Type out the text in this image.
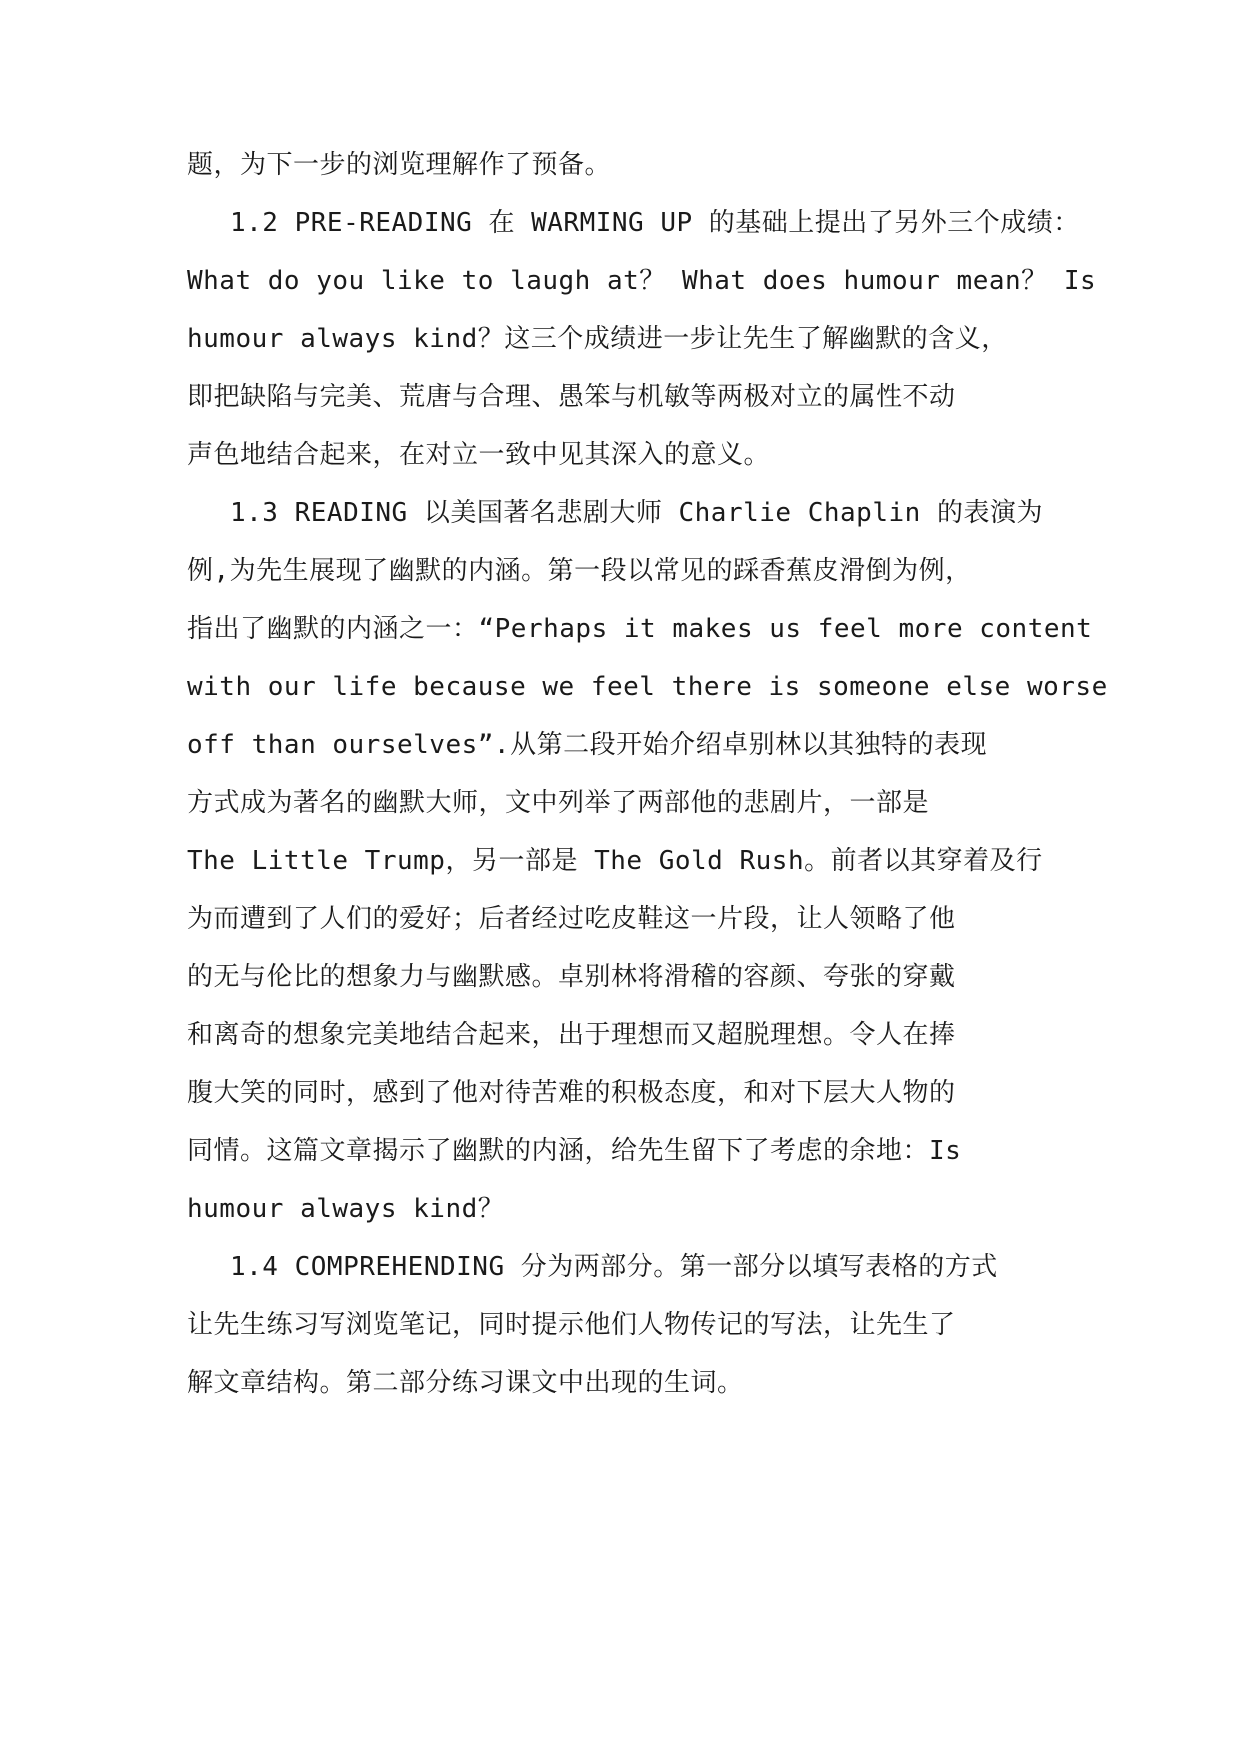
题，为下一步的浏览理解作了预备。
1.2 PRE-READING 在 WARMING UP 的基础上提出了另外三个成绩：
What do you like to laugh at？ What does humour mean？ Is
humour always kind？这三个成绩进一步让先生了解幽默的含义，
即把缺陷与完美、荒唐与合理、愚笨与机敏等两极对立的属性不动
声色地结合起来，在对立一致中见其深入的意义。
1.3 READING 以美国著名悲剧大师 Charlie Chaplin 的表演为
例,为先生展现了幽默的内涵。第一段以常见的踩香蕉皮滑倒为例，
指出了幽默的内涵之一：“Perhaps it makes us feel more content
with our life because we feel there is someone else worse
off than ourselves”.从第二段开始介绍卓别林以其独特的表现
方式成为著名的幽默大师，文中列举了两部他的悲剧片，一部是
The Little Trump，另一部是 The Gold Rush。前者以其穿着及行
为而遭到了人们的爱好；后者经过吃皮鞋这一片段，让人领略了他
的无与伦比的想象力与幽默感。卓别林将滑稽的容颜、夸张的穿戴
和离奇的想象完美地结合起来，出于理想而又超脱理想。令人在捧
腹大笑的同时，感到了他对待苦难的积极态度，和对下层大人物的
同情。这篇文章揭示了幽默的内涵，给先生留下了考虑的余地：Is
humour always kind？
1.4 COMPREHENDING 分为两部分。第一部分以填写表格的方式
让先生练习写浏览笔记，同时提示他们人物传记的写法，让先生了
解文章结构。第二部分练习课文中出现的生词。
